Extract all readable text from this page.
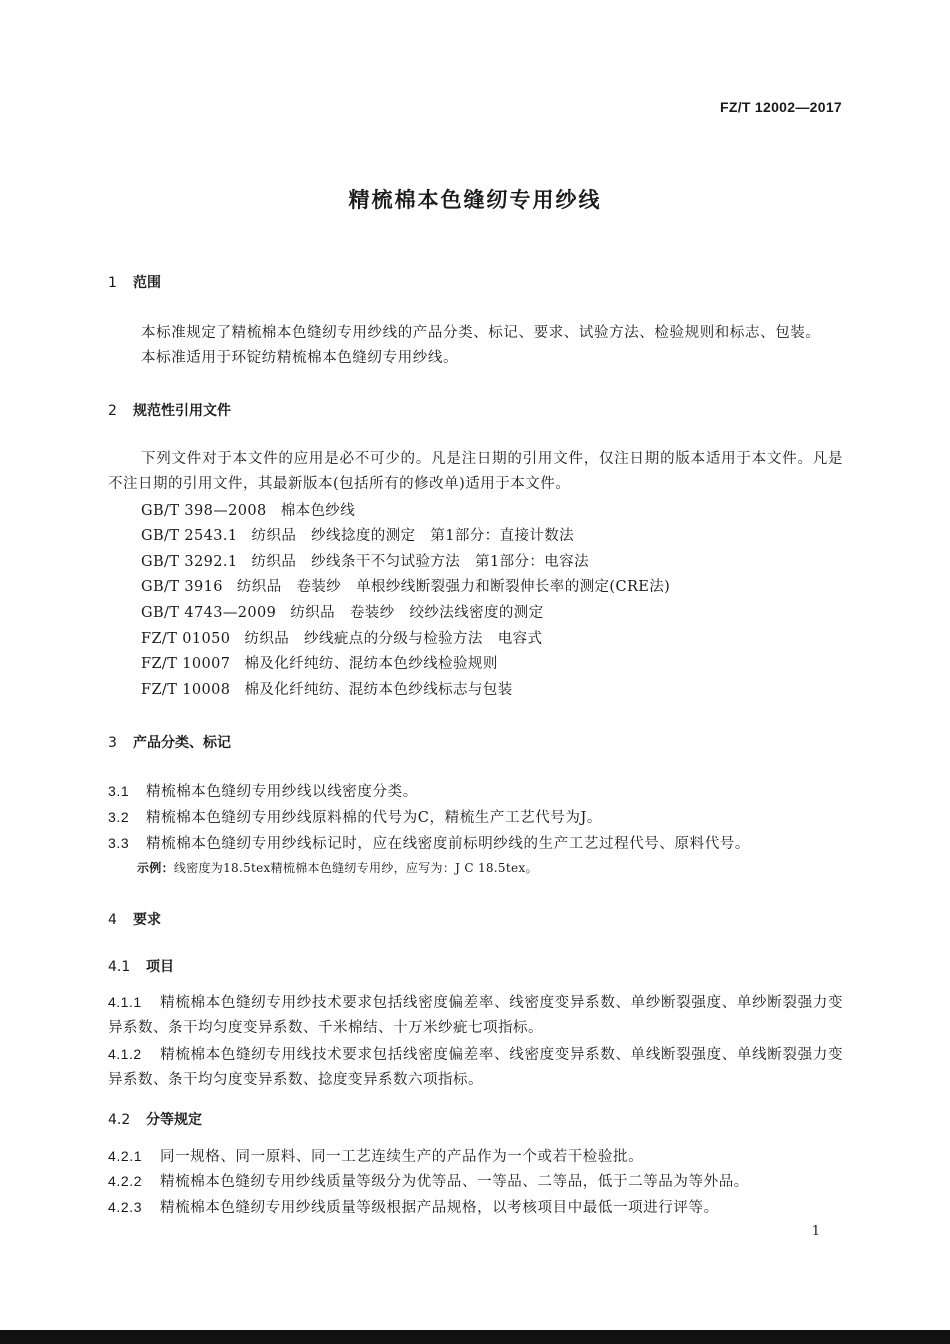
FZ/T 12002—2017
精梳棉本色缝纫专用纱线
1 范围
本标准规定了精梳棉本色缝纫专用纱线的产品分类、标记、要求、试验方法、检验规则和标志、包装。
本标准适用于环锭纺精梳棉本色缝纫专用纱线。
2 规范性引用文件
下列文件对于本文件的应用是必不可少的。凡是注日期的引用文件，仅注日期的版本适用于本文件。凡是不注日期的引用文件，其最新版本(包括所有的修改单)适用于本文件。
GB/T 398—2008 棉本色纱线
GB/T 2543.1 纺织品　纱线捻度的测定　第1部分：直接计数法
GB/T 3292.1 纺织品　纱线条干不匀试验方法　第1部分：电容法
GB/T 3916 纺织品　卷装纱　单根纱线断裂强力和断裂伸长率的测定(CRE法)
GB/T 4743—2009 纺织品　卷装纱　绞纱法线密度的测定
FZ/T 01050 纺织品　纱线疵点的分级与检验方法　电容式
FZ/T 10007 棉及化纤纯纺、混纺本色纱线检验规则
FZ/T 10008 棉及化纤纯纺、混纺本色纱线标志与包装
3 产品分类、标记
3.1 精梳棉本色缝纫专用纱线以线密度分类。
3.2 精梳棉本色缝纫专用纱线原料棉的代号为C，精梳生产工艺代号为J。
3.3 精梳棉本色缝纫专用纱线标记时，应在线密度前标明纱线的生产工艺过程代号、原料代号。
示例：线密度为18.5tex精梳棉本色缝纫专用纱，应写为：J C 18.5tex。
4 要求
4.1 项目
4.1.1 精梳棉本色缝纫专用纱技术要求包括线密度偏差率、线密度变异系数、单纱断裂强度、单纱断裂强力变异系数、条干均匀度变异系数、千米棉结、十万米纱疵七项指标。
4.1.2 精梳棉本色缝纫专用线技术要求包括线密度偏差率、线密度变异系数、单线断裂强度、单线断裂强力变异系数、条干均匀度变异系数、捻度变异系数六项指标。
4.2 分等规定
4.2.1 同一规格、同一原料、同一工艺连续生产的产品作为一个或若干检验批。
4.2.2 精梳棉本色缝纫专用纱线质量等级分为优等品、一等品、二等品，低于二等品为等外品。
4.2.3 精梳棉本色缝纫专用纱线质量等级根据产品规格，以考核项目中最低一项进行评等。
1
